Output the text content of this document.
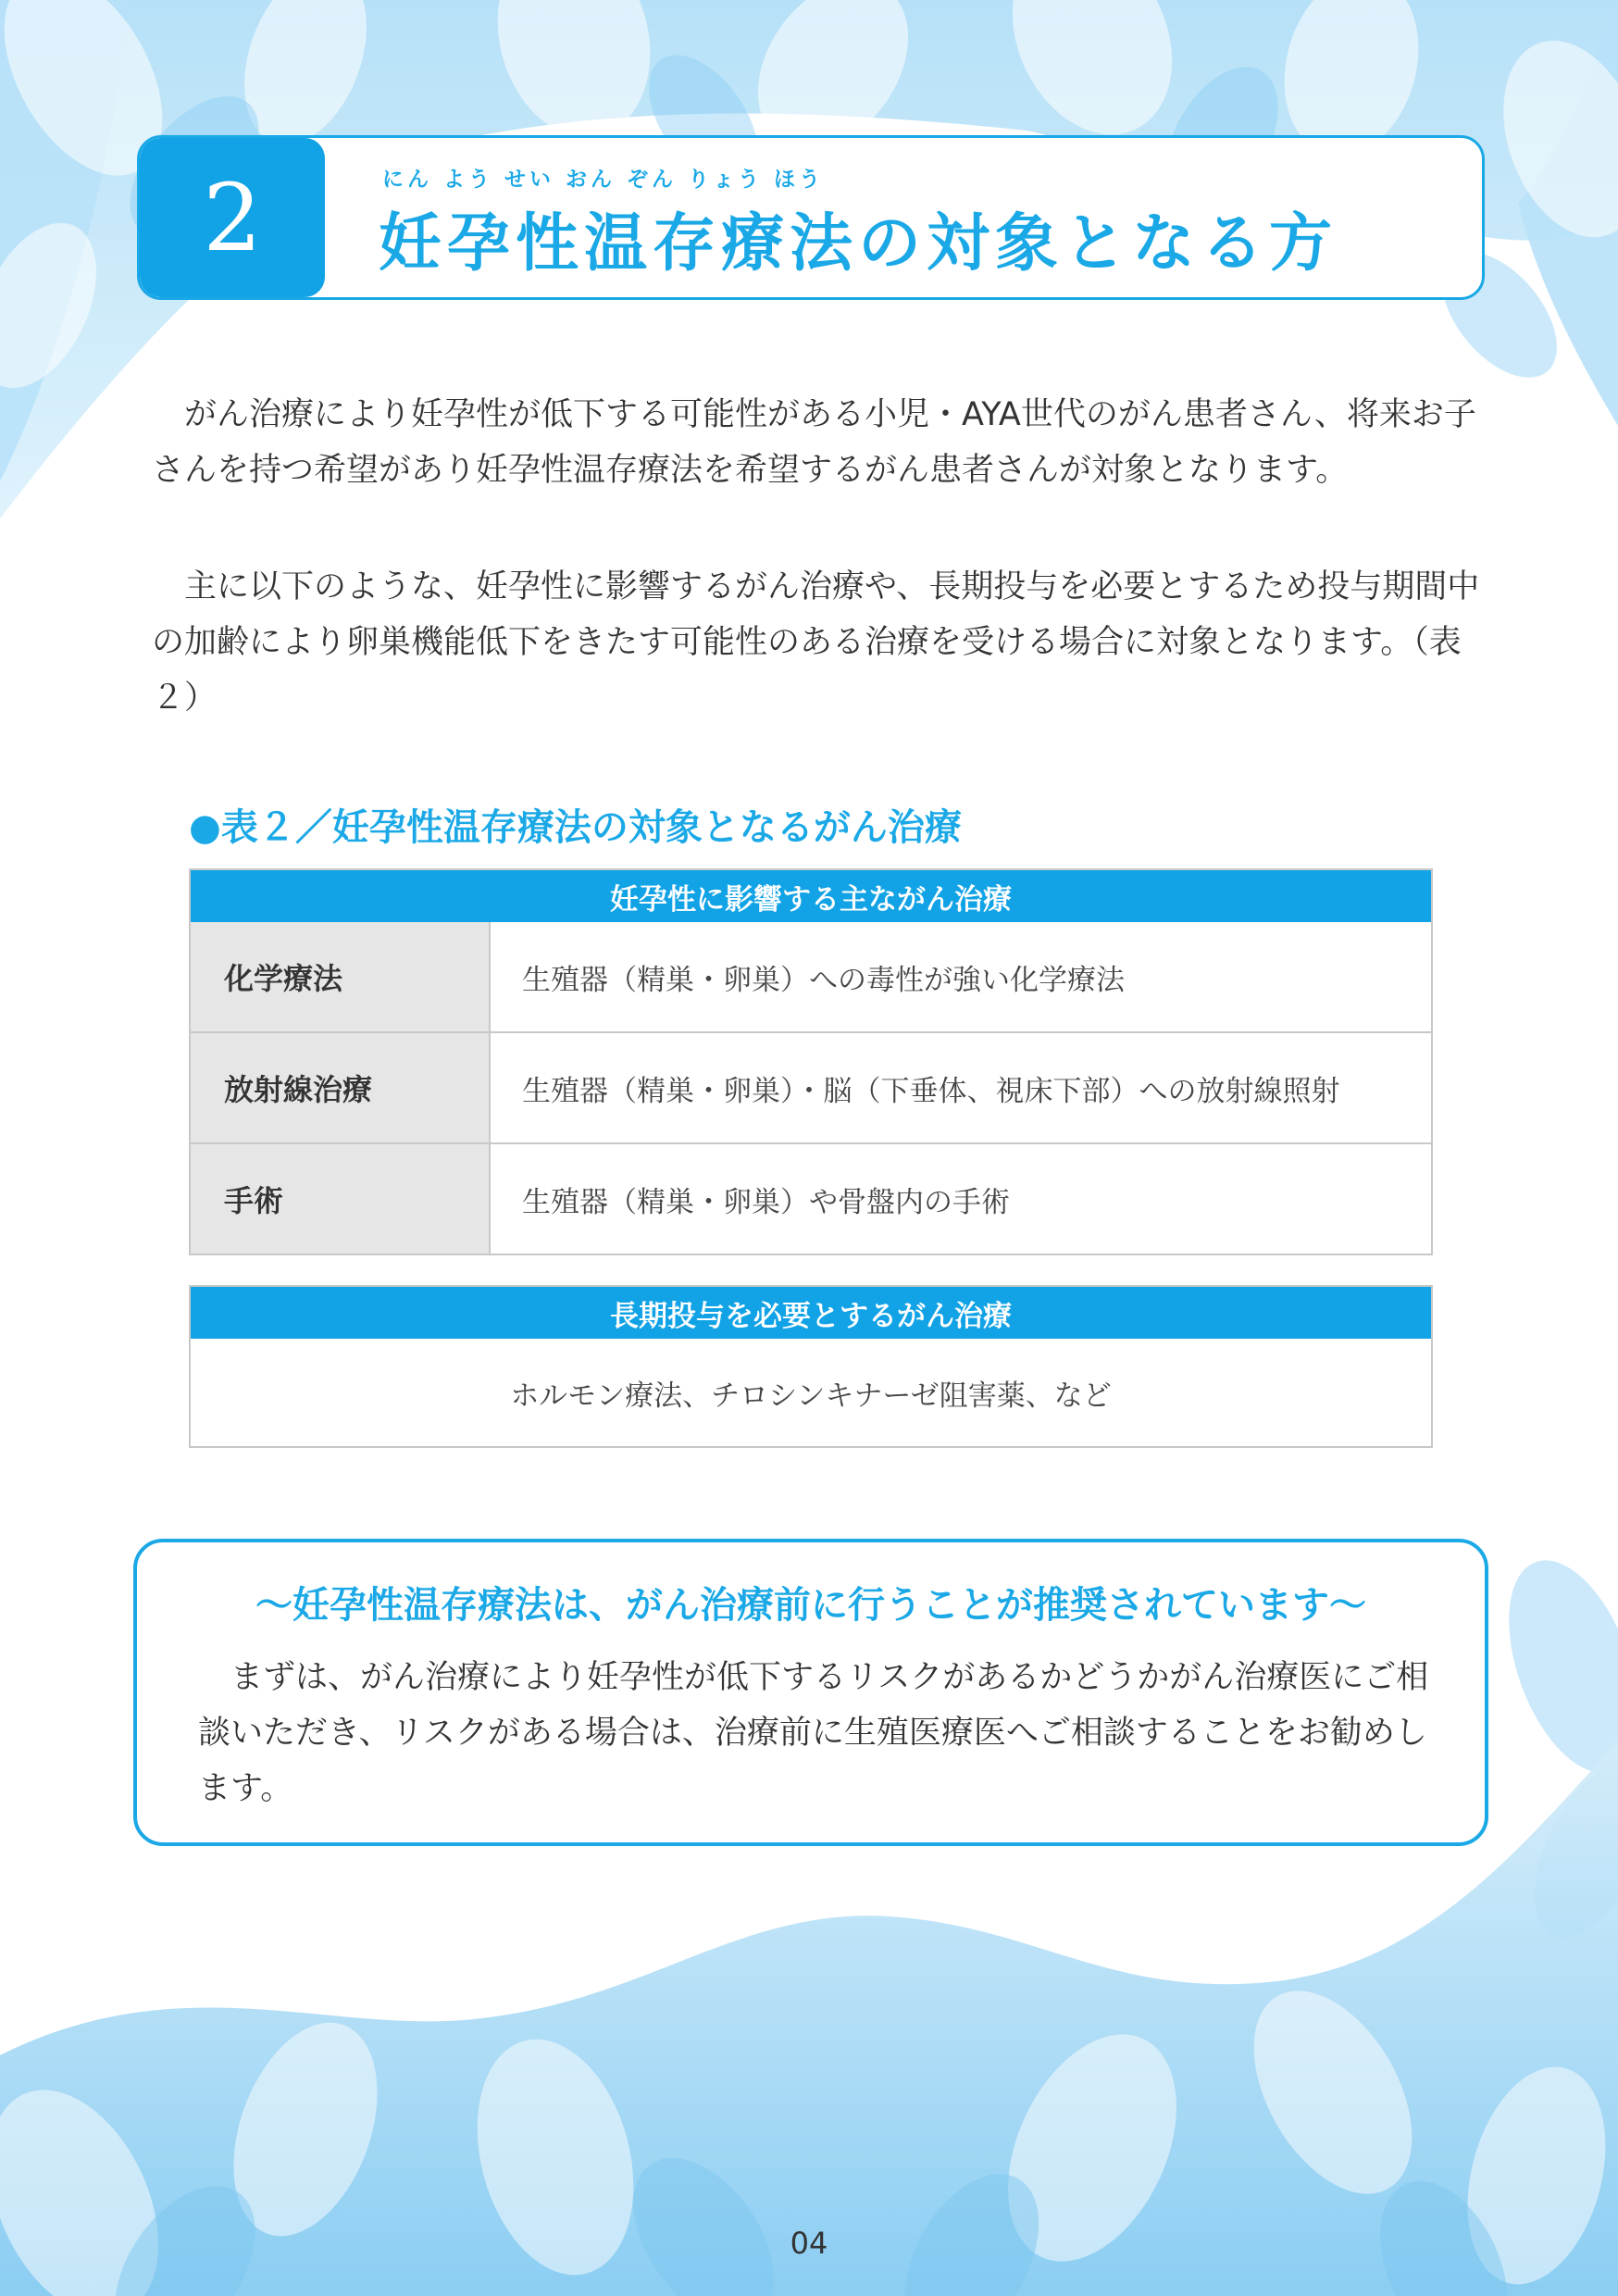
2	にん よう せい おん ぞん りょう ほう
妊孕性温存療法の対象となる方

がん治療により妊孕性が低下する可能性がある小児・AYA世代のがん患者さん、将来お子さんを持つ希望があり妊孕性温存療法を希望するがん患者さんが対象となります。

主に以下のような、妊孕性に影響するがん治療や、長期投与を必要とするため投与期間中の加齢により卵巣機能低下をきたす可能性のある治療を受ける場合に対象となります。（表２）

●表２／妊孕性温存療法の対象となるがん治療
妊孕性に影響する主ながん治療
化学療法	生殖器（精巣・卵巣）への毒性が強い化学療法
放射線治療	生殖器（精巣・卵巣）・脳（下垂体、視床下部）への放射線照射
手術	生殖器（精巣・卵巣）や骨盤内の手術
長期投与を必要とするがん治療
ホルモン療法、チロシンキナーゼ阻害薬、など
〜妊孕性温存療法は、がん治療前に行うことが推奨されています〜

まずは、がん治療により妊孕性が低下するリスクがあるかどうかがん治療医にご相談いただき、リスクがある場合は、治療前に生殖医療医へご相談することをお勧めします。

04
